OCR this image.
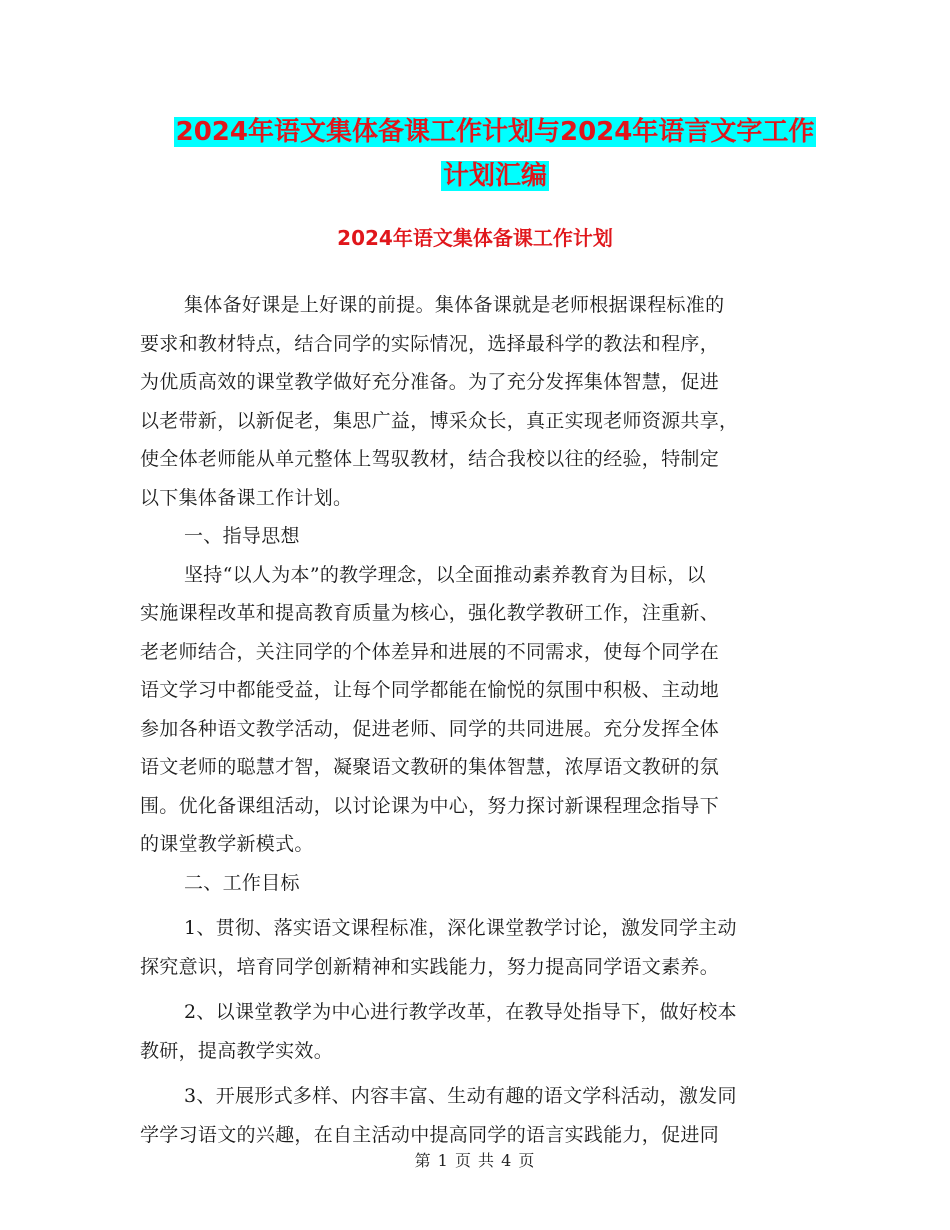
2024年语文集体备课工作计划与2024年语言文字工作
计划汇编
2024年语文集体备课工作计划
集体备好课是上好课的前提。集体备课就是老师根据课程标准的
要求和教材特点，结合同学的实际情况，选择最科学的教法和程序，
为优质高效的课堂教学做好充分准备。为了充分发挥集体智慧，促进
以老带新，以新促老，集思广益，博采众长，真正实现老师资源共享，
使全体老师能从单元整体上驾驭教材，结合我校以往的经验，特制定
以下集体备课工作计划。
一、指导思想
坚持“以人为本”的教学理念，以全面推动素养教育为目标，以
实施课程改革和提高教育质量为核心，强化教学教研工作，注重新、
老老师结合，关注同学的个体差异和进展的不同需求，使每个同学在
语文学习中都能受益，让每个同学都能在愉悦的氛围中积极、主动地
参加各种语文教学活动，促进老师、同学的共同进展。充分发挥全体
语文老师的聪慧才智，凝聚语文教研的集体智慧，浓厚语文教研的氛
围。优化备课组活动，以讨论课为中心，努力探讨新课程理念指导下
的课堂教学新模式。
二、工作目标
1、贯彻、落实语文课程标准，深化课堂教学讨论，激发同学主动
探究意识，培育同学创新精神和实践能力，努力提高同学语文素养。
2、以课堂教学为中心进行教学改革，在教导处指导下，做好校本
教研，提高教学实效。
3、开展形式多样、内容丰富、生动有趣的语文学科活动，激发同
学学习语文的兴趣，在自主活动中提高同学的语言实践能力，促进同
第 1 页 共 4 页
